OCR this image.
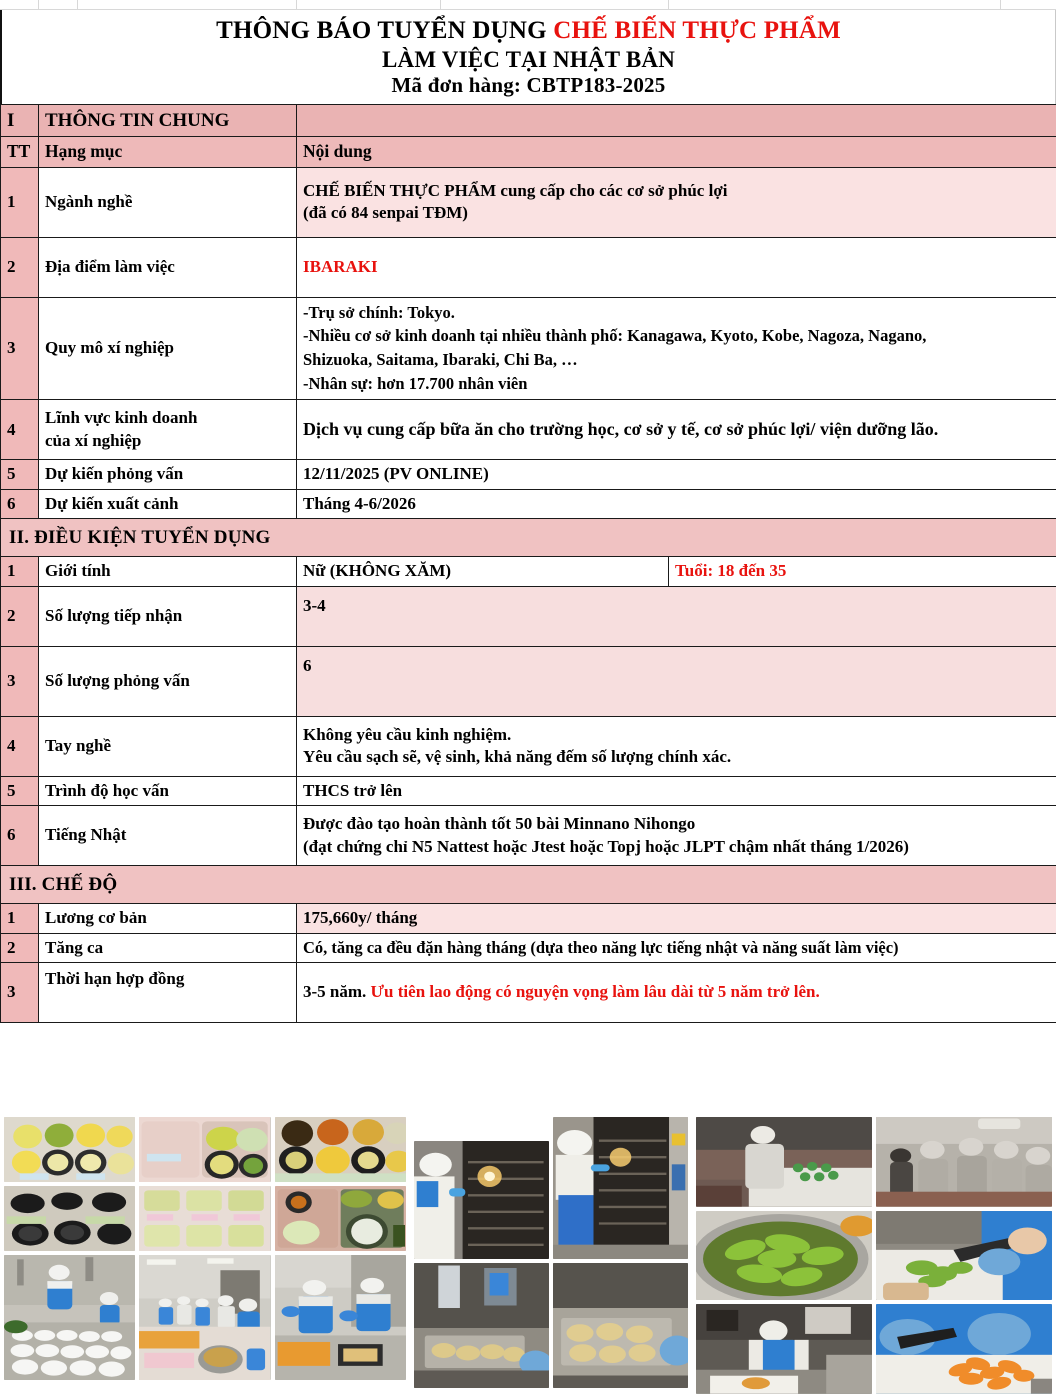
THÔNG BÁO TUYỂN DỤNG CHẾ BIẾN THỰC PHẨM
LÀM VIỆC TẠI NHẬT BẢN
Mã đơn hàng: CBTP183-2025
I	THÔNG TIN CHUNG		
TT	Hạng mục	Nội dung	
1	Ngành nghề	CHẾ BIẾN THỰC PHẨM cung cấp cho các cơ sở phúc lợi
(đã có 84 senpai TĐM)	

2	Địa điểm làm việc	IBARAKI	
3	Quy mô xí nghiệp	-Trụ sở chính: Tokyo.
-Nhiều cơ sở kinh doanh tại nhiều thành phố: Kanagawa, Kyoto, Kobe, Nagoza, Nagano,
Shizuoka, Saitama, Ibaraki, Chi Ba, …
-Nhân sự: hơn 17.700 nhân viên	

4	Lĩnh vực kinh doanh
của xí nghiệp	Dịch vụ cung cấp bữa ăn cho trường học, cơ sở y tế, cơ sở phúc lợi/ viện dưỡng lão.	
5	Dự kiến phỏng vấn	12/11/2025 (PV ONLINE)	
6	Dự kiến xuất cảnh	Tháng 4-6/2026	
II. ĐIỀU KIỆN TUYỂN DỤNG			
1	Giới tính	Nữ (KHÔNG XĂM)	Tuổi: 18 đến 35
2	Số lượng tiếp nhận	3-4	
3	Số lượng phỏng vấn	6	
4	Tay nghề	Không yêu cầu kinh nghiệm.
Yêu cầu sạch sẽ, vệ sinh, khả năng đếm số lượng chính xác.	

5	Trình độ học vấn	THCS trở lên	
6	Tiếng Nhật	Được đào tạo hoàn thành tốt 50 bài Minnano Nihongo
(đạt chứng chỉ N5 Nattest hoặc Jtest hoặc Topj hoặc JLPT chậm nhất tháng 1/2026)	

III. CHẾ ĐỘ			
1	Lương cơ bản	175,660y/ tháng	
2	Tăng ca	Có, tăng ca đều đặn hàng tháng (dựa theo năng lực tiếng nhật và năng suất làm việc)	
3	Thời hạn hợp đồng	3-5 năm. Ưu tiên lao động có nguyện vọng làm lâu dài từ 5 năm trở lên.	
